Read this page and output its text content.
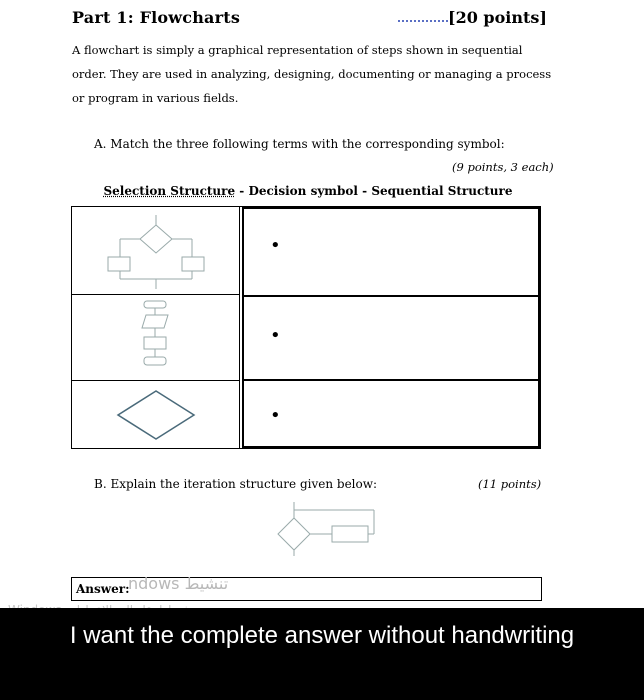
Part 1: Flowcharts	[20 points]
A flowchart is simply a graphical representation of steps shown in sequential
order. They are used in analyzing, designing, documenting or managing a process
or program in various fields.
A. Match the three following terms with the corresponding symbol:
(9 points, 3 each)
Selection Structure - Decision symbol - Sequential Structure
•
•
•
B. Explain the iteration structure given below:	(11 points)
Answer:
ndows تنشيط
I want the complete answer without handwriting
